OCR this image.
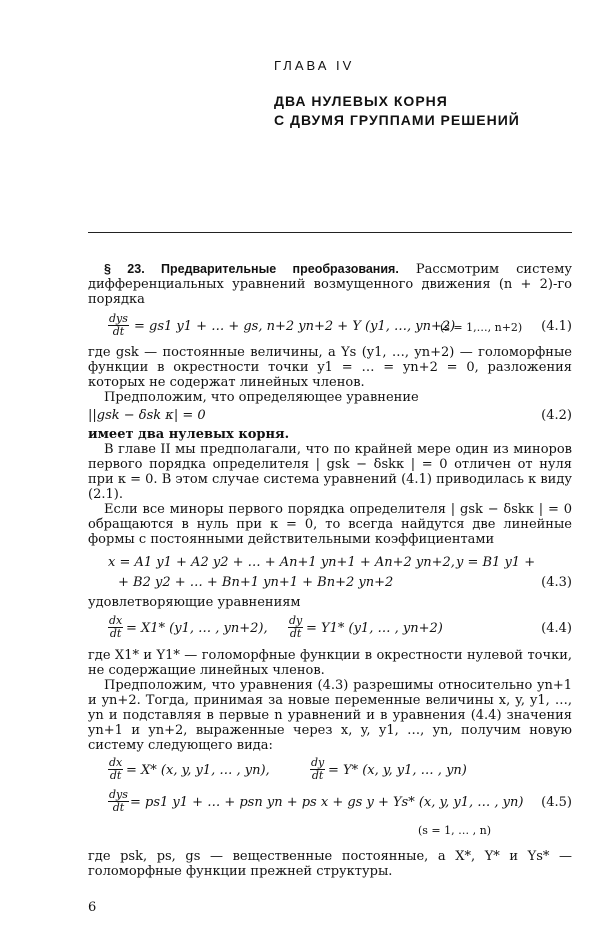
ГЛАВА IV
ДВА НУЛЕВЫХ КОРНЯ
С ДВУМЯ ГРУППАМИ РЕШЕНИЙ

§ 23. Предварительные преобразования. Рассмотрим систему дифференциальных уравнений возмущенного движения (n + 2)-го порядка

$\frac{\text{dys}}{dt} = gs1$ y1 + … + gs, n+2 yn+2 + Y (y1, …, yn+2)
(s = 1,…, n+2) (4.1)

где gsk — постоянные величины, а Ys (y1, …, yn+2) — голоморфные функции в окрестности точки y1 = … = yn+2 = 0, разложения которых не содержат линейных членов.

Предположим, что определяющее уравнение

||gsk − δsk κ| = 0	(4.2)

имеет два нулевых корня.

В главе II мы предполагали, что по крайней мере один из миноров первого порядка определителя | gsk − δskκ | = 0 отличен от нуля при κ = 0. В этом случае система уравнений (4.1) приводилась к виду (2.1).

Если все миноры первого порядка определителя | gsk − δskκ | = 0 обращаются в нуль при κ = 0, то всегда найдутся две линейные формы с постоянными действительными коэффициентами

x = A1 y1 + A2 y2 + … + An+1 yn+1 + An+2 yn+2, y = B1 y1 +
+ B2 y2 + … + Bn+1 yn+1 + Bn+2 yn+2	(4.3)

удовлетворяющие уравнениям

$\frac{dx}{dt} = X1*$ (y1, … , yn+2), $\frac{dy}{dt} = Y1*$ (y1, … , yn+2)	(4.4)

где X1* и Y1* — голоморфные функции в окрестности нулевой точки, не содержащие линейных членов.

Предположим, что уравнения (4.3) разрешимы относительно yn+1 и yn+2. Тогда, принимая за новые переменные величины x, y, y1, …, yn и подставляя в первые n уравнений и в уравнения (4.4) значения yn+1 и yn+2, выраженные через x, y, y1, …, yn, получим новую систему следующего вида:

$\frac{dx}{dt} = X*$ (x, y, y1, … , yn),	$\frac{dy}{dt} = Y*$ (x, y, y1, … , yn)
$\frac{\text{dys}}{dt} = ps1$ y1 + … + psn yn + ps x + gs y + Ys* (x, y, y1, … , yn) (4.5)
(s = 1, … , n)

где psk, ps, gs — вещественные постоянные, а X*, Y* и Ys* — голоморфные функции прежней структуры.

6
